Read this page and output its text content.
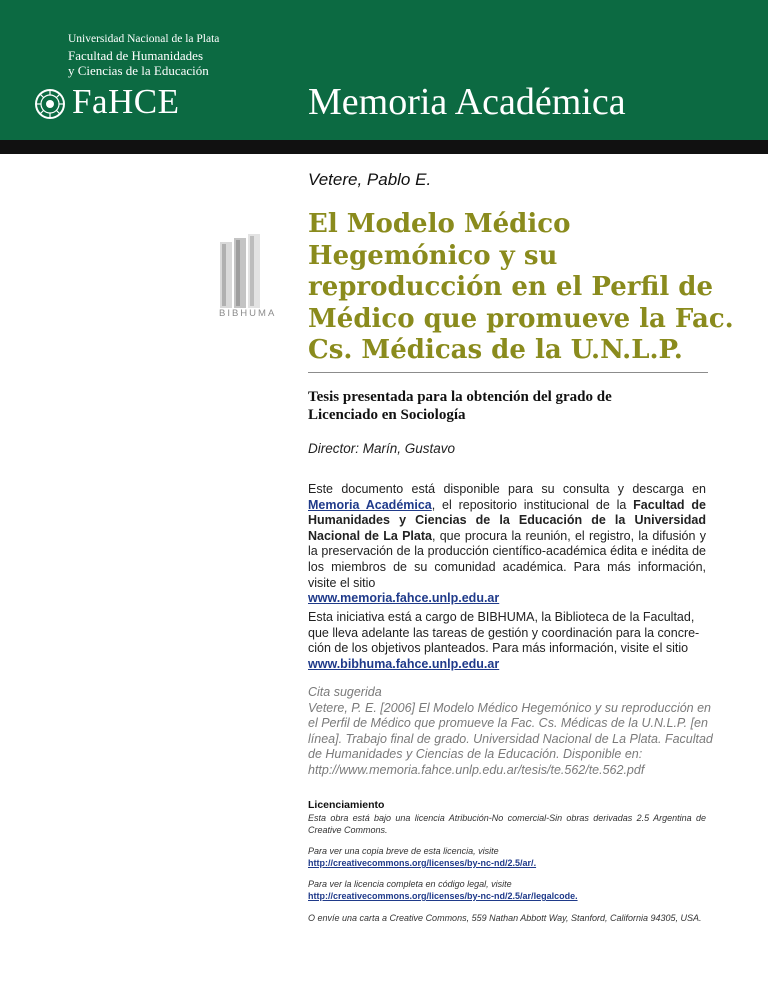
Universidad Nacional de la Plata
Facultad de Humanidades
y Ciencias de la Educación
FaHCE	Memoria Académica
BIBHUMA
Vetere, Pablo E.
El Modelo Médico
Hegemónico y su
reproducción en el Perfil de
Médico que promueve la Fac.
Cs. Médicas de la U.N.L.P.
Tesis presentada para la obtención del grado de
Licenciado en Sociología
Director: Marín, Gustavo
Este documento está disponible para su consulta y descarga en Memoria Académica, el repositorio institucional de la Facultad de Humanidades y Ciencias de la Educación de la Universidad Nacional de La Plata, que procura la reunión, el registro, la difusión y la preservación de la producción científico-académica édita e inédita de los miembros de su comunidad académica. Para más información, visite el sitio
www.memoria.fahce.unlp.edu.ar
Esta iniciativa está a cargo de BIBHUMA, la Biblioteca de la Facultad, que lleva adelante las tareas de gestión y coordinación para la concre-ción de los objetivos planteados. Para más información, visite el sitio
www.bibhuma.fahce.unlp.edu.ar
Cita sugerida
Vetere, P. E. [2006] El Modelo Médico Hegemónico y su reproducción en el Perfil de Médico que promueve la Fac. Cs. Médicas de la U.N.L.P. [en línea]. Trabajo final de grado. Universidad Nacional de La Plata. Facultad de Humanidades y Ciencias de la Educación. Disponible en: http://www.memoria.fahce.unlp.edu.ar/tesis/te.562/te.562.pdf
Licenciamiento
Esta obra está bajo una licencia Atribución-No comercial-Sin obras derivadas 2.5 Argentina de Creative Commons.
Para ver una copia breve de esta licencia, visite
http://creativecommons.org/licenses/by-nc-nd/2.5/ar/.
Para ver la licencia completa en código legal, visite
http://creativecommons.org/licenses/by-nc-nd/2.5/ar/legalcode.
O envíe una carta a Creative Commons, 559 Nathan Abbott Way, Stanford, California 94305, USA.
